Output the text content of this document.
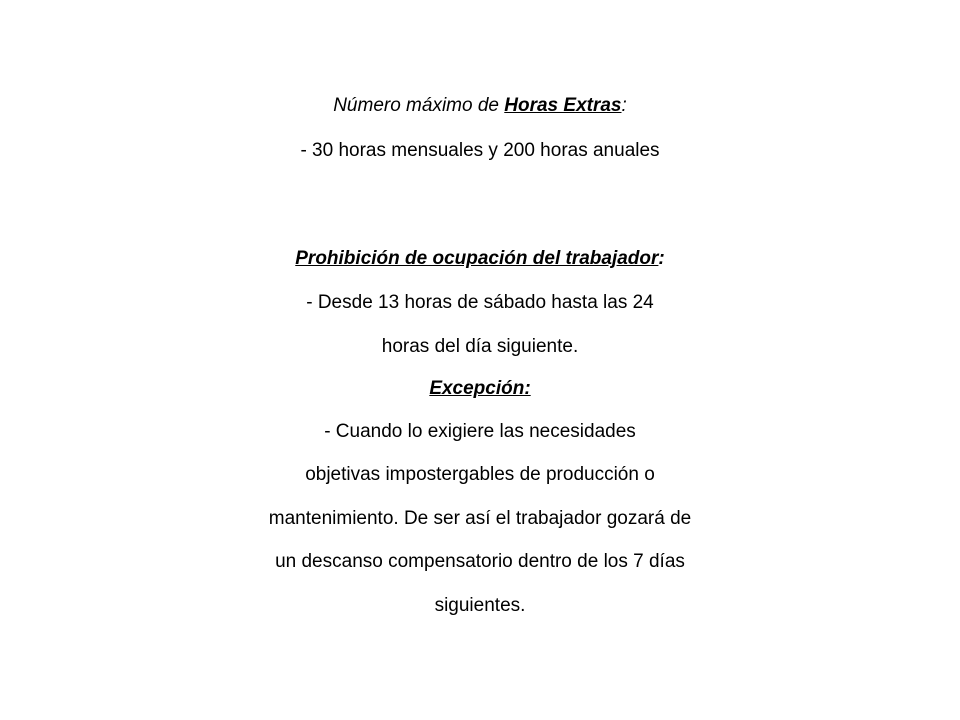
Número máximo de Horas Extras:
- 30 horas mensuales y 200 horas anuales
Prohibición de ocupación del trabajador:
- Desde 13 horas de sábado hasta las 24
horas del día siguiente.
Excepción:
- Cuando lo exigiere las necesidades
objetivas impostergables de producción o
mantenimiento. De ser así el trabajador gozará de
un descanso compensatorio dentro de los 7 días
siguientes.
